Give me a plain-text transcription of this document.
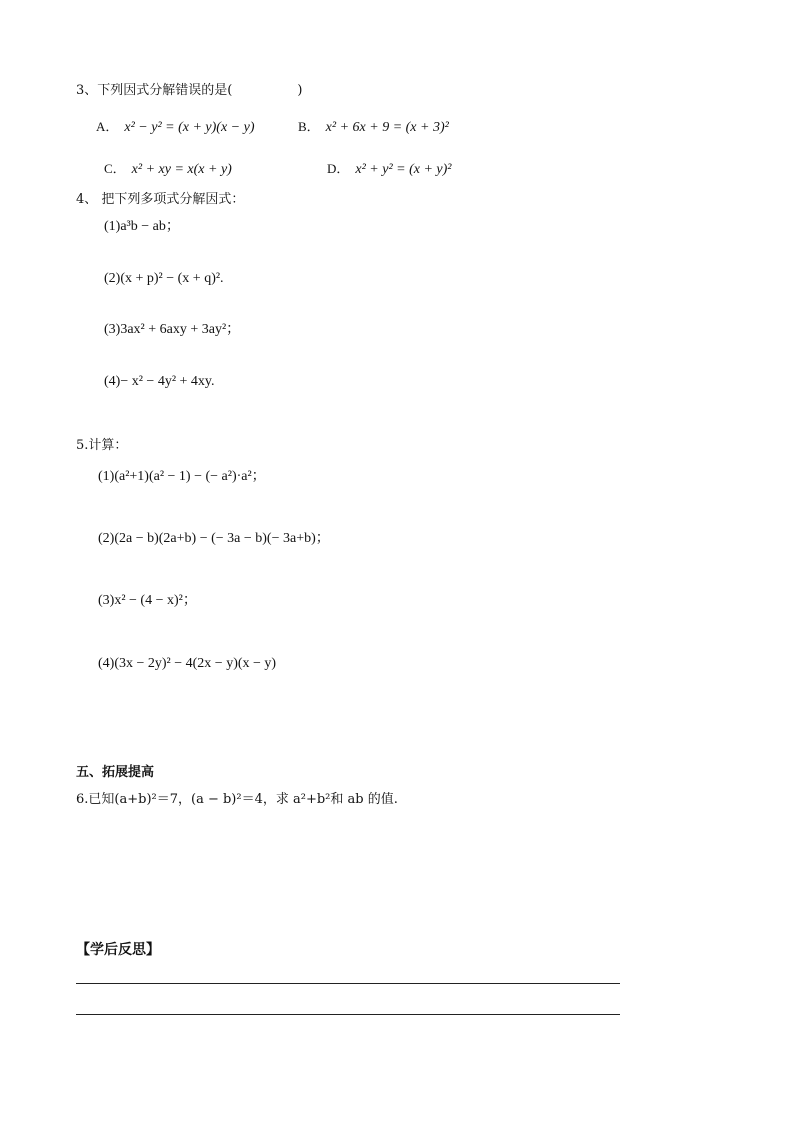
3、下列因式分解错误的是(　　　　　)
A． x² − y² = (x + y)(x − y)	B． x² + 6x + 9 = (x + 3)²
C． x² + xy = x(x + y)	D． x² + y² = (x + y)²
4、 把下列多项式分解因式：
(1)a³b − ab；
(2)(x + p)² − (x + q)².
(3)3ax² + 6axy + 3ay²；
(4)− x² − 4y² + 4xy.
5.计算：
(1)(a²+1)(a² − 1) − (− a²)·a²；
(2)(2a − b)(2a+b) − (− 3a − b)(− 3a+b)；
(3)x² − (4 − x)²；
(4)(3x − 2y)² − 4(2x − y)(x − y)
五、拓展提高
6.已知(a+b)²＝7，(a − b)²＝4，求 a²+b²和 ab 的值.
【学后反思】
